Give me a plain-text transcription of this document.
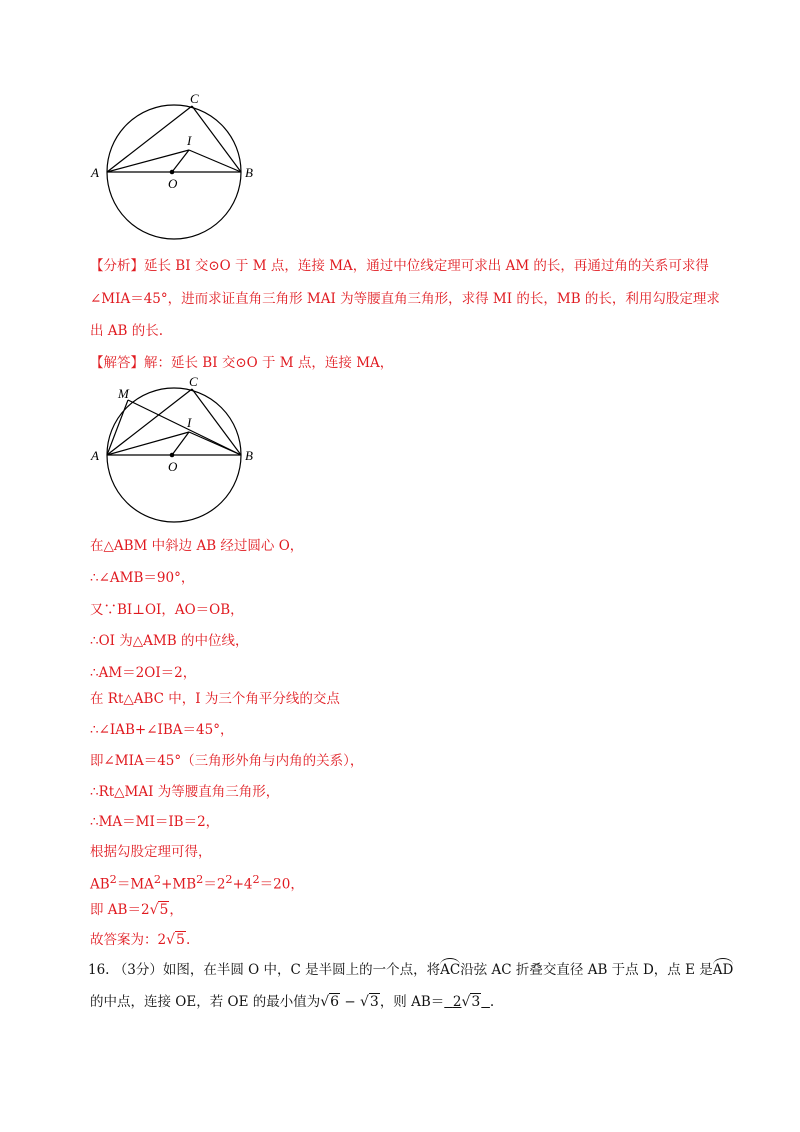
A	B
C
I
O
【分析】延长 BI 交⊙O 于 M 点，连接 MA，通过中位线定理可求出 AM 的长，再通过角的关系可求得
∠MIA＝45°，进而求证直角三角形 MAI 为等腰直角三角形，求得 MI 的长，MB 的长，利用勾股定理求
出 AB 的长.
【解答】解：延长 BI 交⊙O 于 M 点，连接 MA，
A	B
C
I
O
M
在△ABM 中斜边 AB 经过圆心 O，
∴∠AMB＝90°，
又∵BI⊥OI，AO＝OB，
∴OI 为△AMB 的中位线，
∴AM＝2OI＝2，
在 Rt△ABC 中，I 为三个角平分线的交点
∴∠IAB+∠IBA＝45°，
即∠MIA＝45°（三角形外角与内角的关系），
∴Rt△MAI 为等腰直角三角形，
∴MA＝MI＝IB＝2，
根据勾股定理可得，
$AB^2=MA^2+MB^2=2^2+4^2=20$，
即 AB＝2√5，
故答案为：2√5.
16. （3分）如图，在半圆 O 中，C 是半圆上的一个点，将AC沿弦 AC 折叠交直径 AB 于点 D，点 E 是AD
的中点，连接 OE，若 OE 的最小值为√6 − √3，则 AB＝ 2√3 .
